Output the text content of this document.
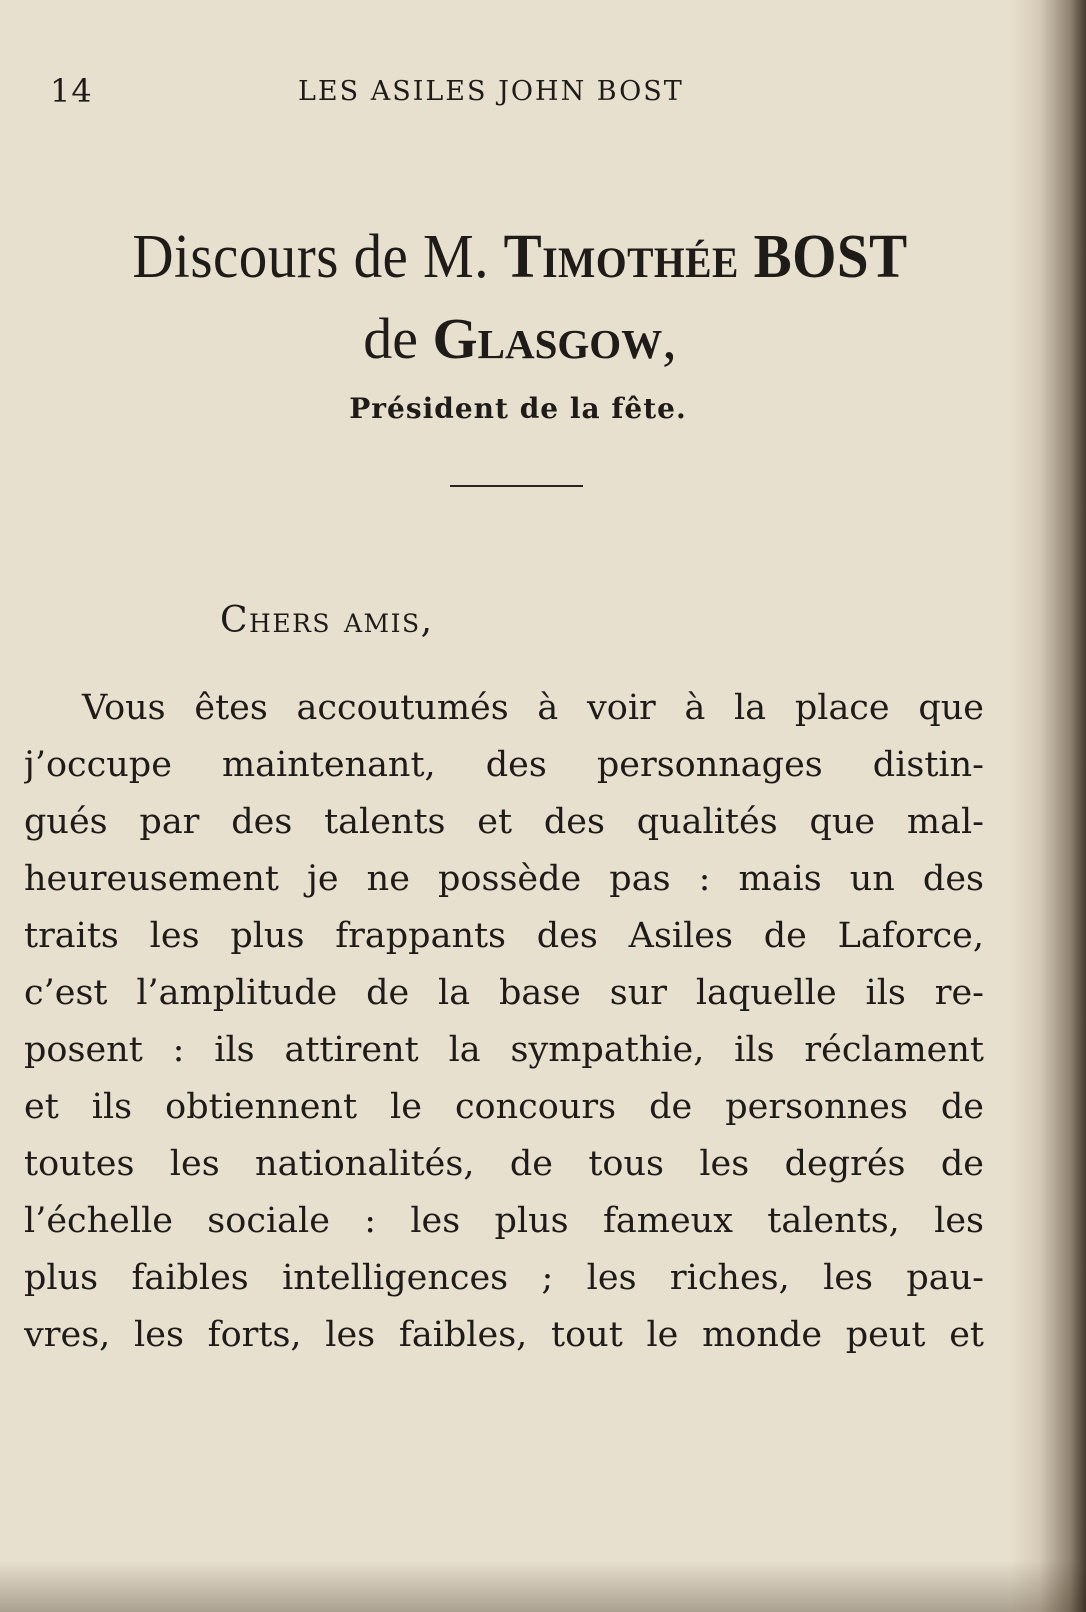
14	LES ASILES JOHN BOST
Discours de M. Timothée BOST
de Glasgow,
Président de la fête.
Chers amis,
Vous êtes accoutumés à voir à la place que
j’occupe maintenant, des personnages distin-
gués par des talents et des qualités que mal-
heureusement je ne possède pas : mais un des
traits les plus frappants des Asiles de Laforce,
c’est l’amplitude de la base sur laquelle ils re-
posent : ils attirent la sympathie, ils réclament
et ils obtiennent le concours de personnes de
toutes les nationalités, de tous les degrés de
l’échelle sociale : les plus fameux talents, les
plus faibles intelligences ; les riches, les pau-
vres, les forts, les faibles, tout le monde peut et
